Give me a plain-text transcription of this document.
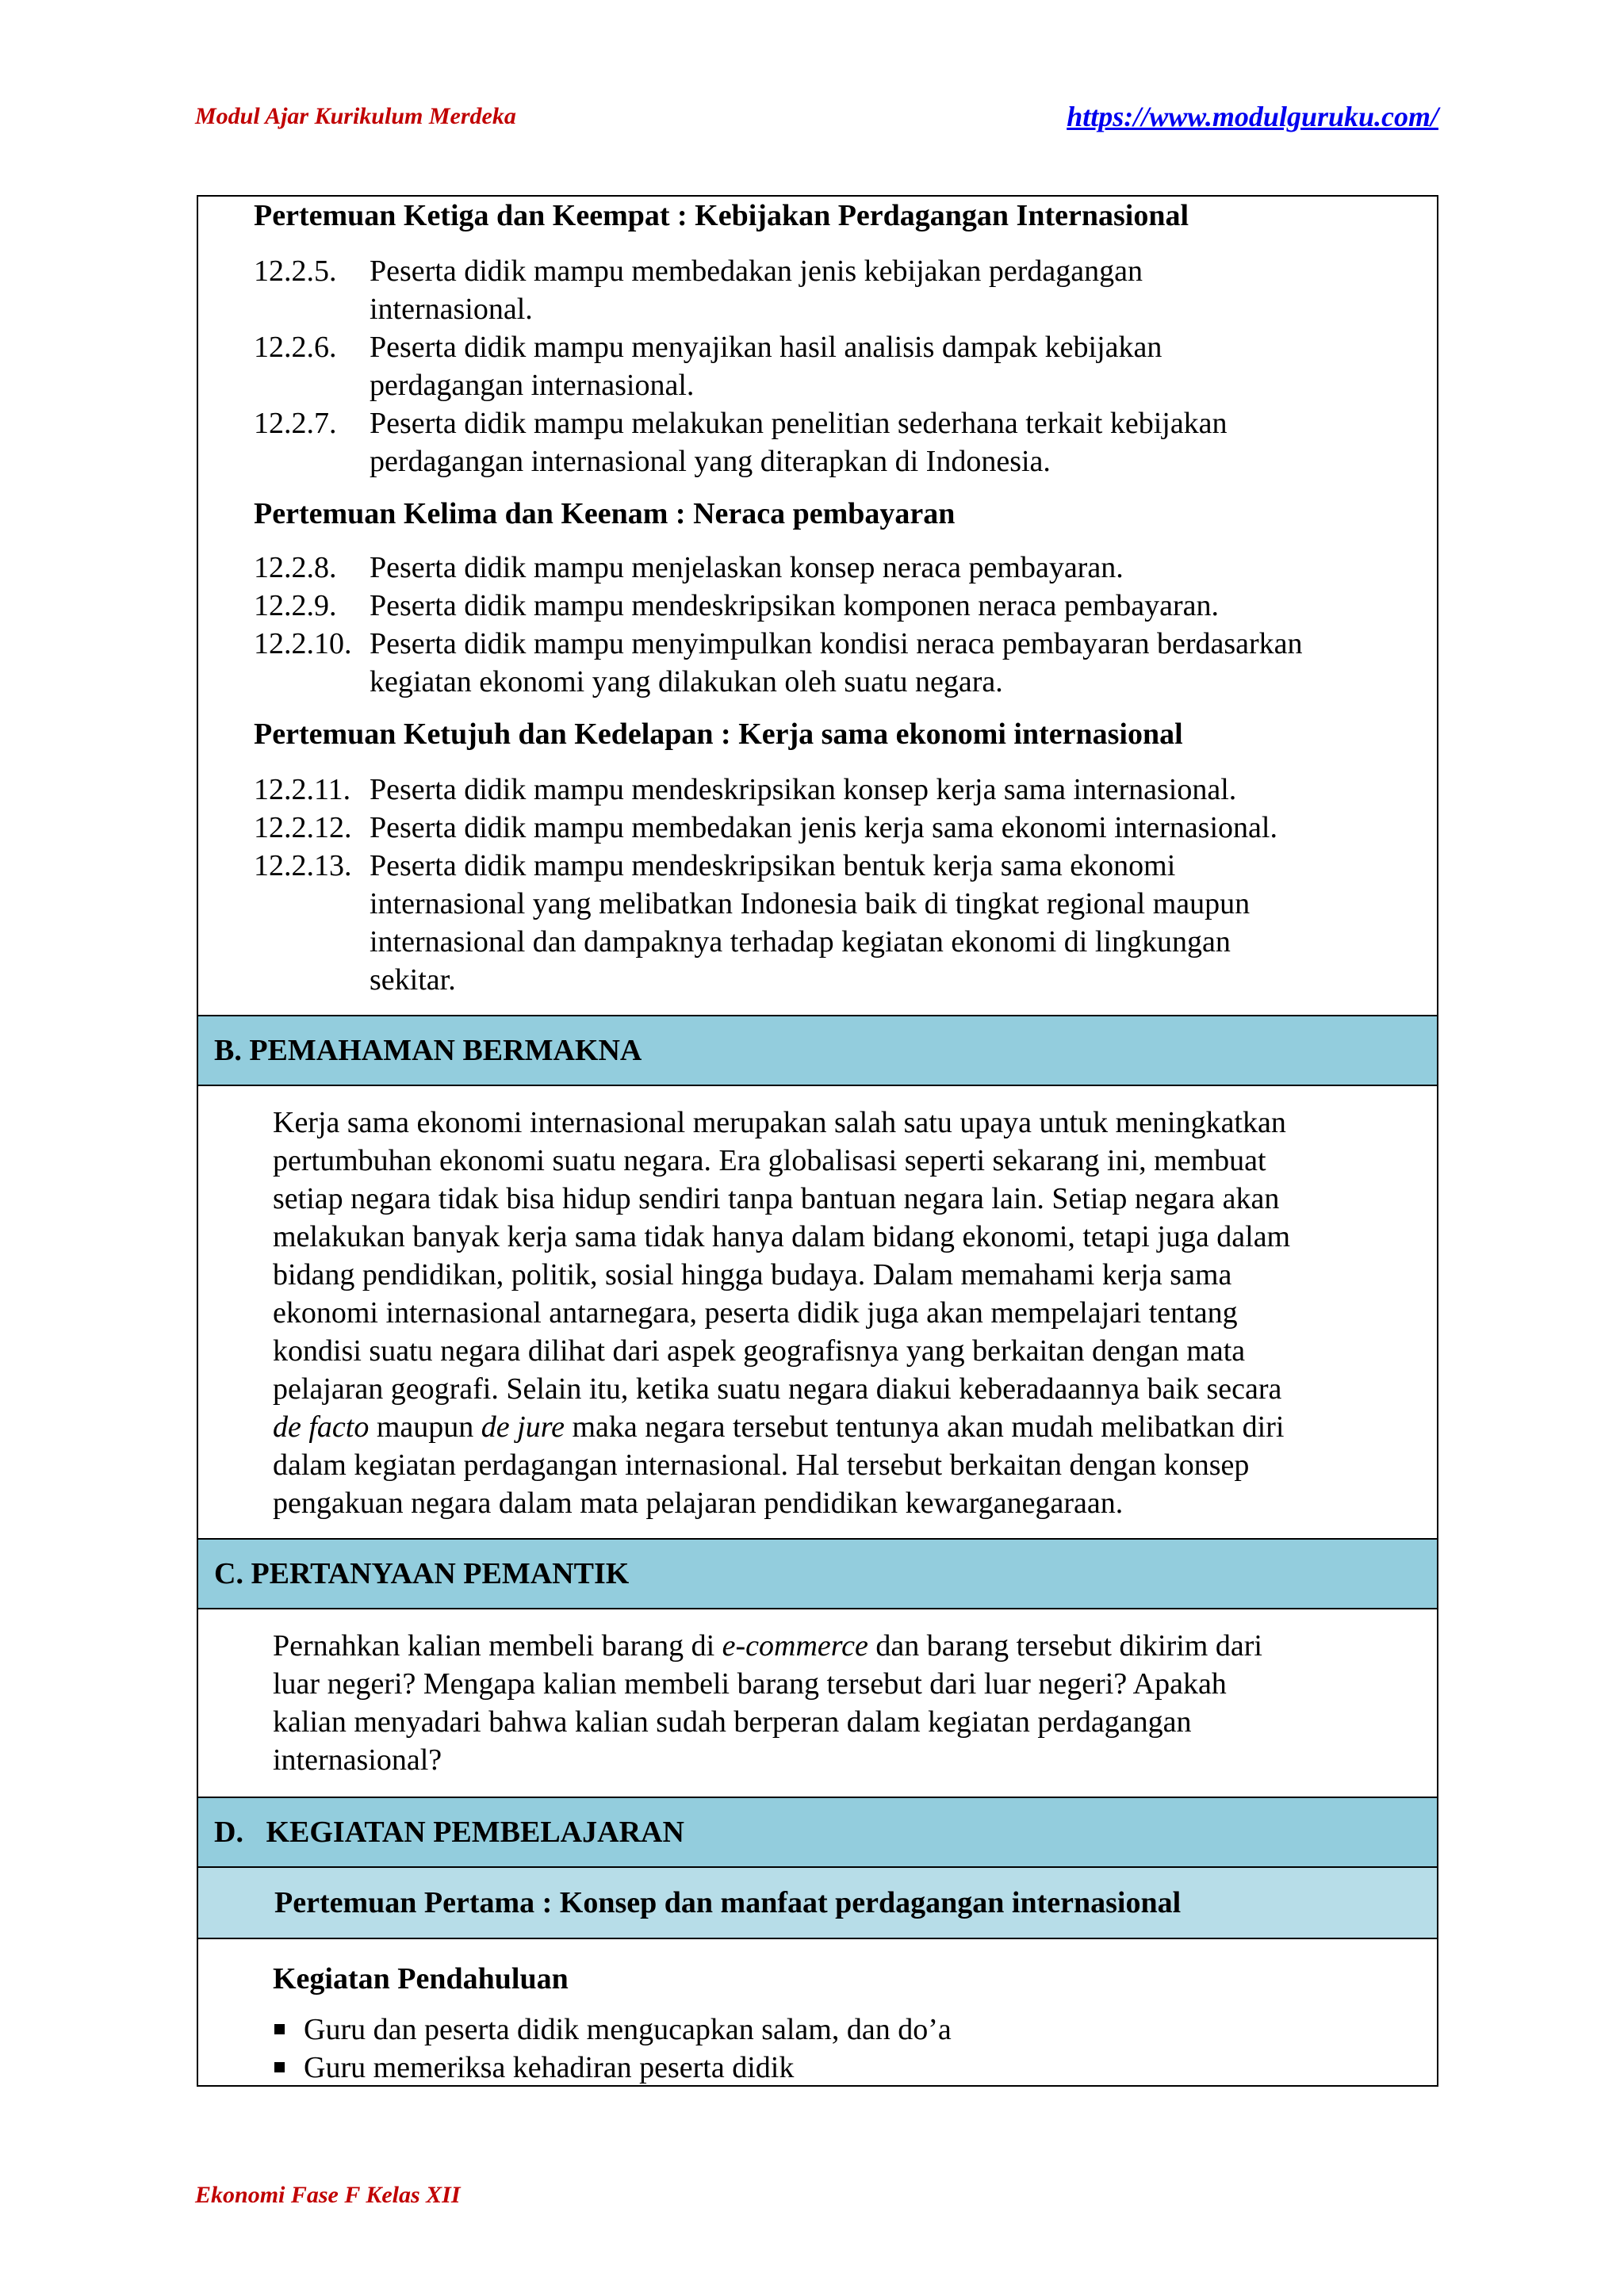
Modul Ajar Kurikulum Merdeka	https://www.modulguruku.com/
Pertemuan Ketiga dan Keempat : Kebijakan Perdagangan Internasional
12.2.5. Peserta didik mampu membedakan jenis kebijakan perdagangan
internasional.
12.2.6. Peserta didik mampu menyajikan hasil analisis dampak kebijakan
perdagangan internasional.
12.2.7. Peserta didik mampu melakukan penelitian sederhana terkait kebijakan
perdagangan internasional yang diterapkan di Indonesia.
Pertemuan Kelima dan Keenam : Neraca pembayaran
12.2.8. Peserta didik mampu menjelaskan konsep neraca pembayaran.
12.2.9. Peserta didik mampu mendeskripsikan komponen neraca pembayaran.
12.2.10. Peserta didik mampu menyimpulkan kondisi neraca pembayaran berdasarkan
kegiatan ekonomi yang dilakukan oleh suatu negara.
Pertemuan Ketujuh dan Kedelapan : Kerja sama ekonomi internasional
12.2.11. Peserta didik mampu mendeskripsikan konsep kerja sama internasional.
12.2.12. Peserta didik mampu membedakan jenis kerja sama ekonomi internasional.
12.2.13. Peserta didik mampu mendeskripsikan bentuk kerja sama ekonomi
internasional yang melibatkan Indonesia baik di tingkat regional maupun
internasional dan dampaknya terhadap kegiatan ekonomi di lingkungan
sekitar.
B. PEMAHAMAN BERMAKNA
Kerja sama ekonomi internasional merupakan salah satu upaya untuk meningkatkan
pertumbuhan ekonomi suatu negara. Era globalisasi seperti sekarang ini, membuat
setiap negara tidak bisa hidup sendiri tanpa bantuan negara lain. Setiap negara akan
melakukan banyak kerja sama tidak hanya dalam bidang ekonomi, tetapi juga dalam
bidang pendidikan, politik, sosial hingga budaya. Dalam memahami kerja sama
ekonomi internasional antarnegara, peserta didik juga akan mempelajari tentang
kondisi suatu negara dilihat dari aspek geografisnya yang berkaitan dengan mata
pelajaran geografi. Selain itu, ketika suatu negara diakui keberadaannya baik secara
de facto maupun de jure maka negara tersebut tentunya akan mudah melibatkan diri
dalam kegiatan perdagangan internasional. Hal tersebut berkaitan dengan konsep
pengakuan negara dalam mata pelajaran pendidikan kewarganegaraan.
C. PERTANYAAN PEMANTIK
Pernahkan kalian membeli barang di e-commerce dan barang tersebut dikirim dari
luar negeri? Mengapa kalian membeli barang tersebut dari luar negeri? Apakah
kalian menyadari bahwa kalian sudah berperan dalam kegiatan perdagangan
internasional?
D.   KEGIATAN PEMBELAJARAN
Pertemuan Pertama : Konsep dan manfaat perdagangan internasional
Kegiatan Pendahuluan
Guru dan peserta didik mengucapkan salam, dan do’a
Guru memeriksa kehadiran peserta didik
Ekonomi Fase F Kelas XII
